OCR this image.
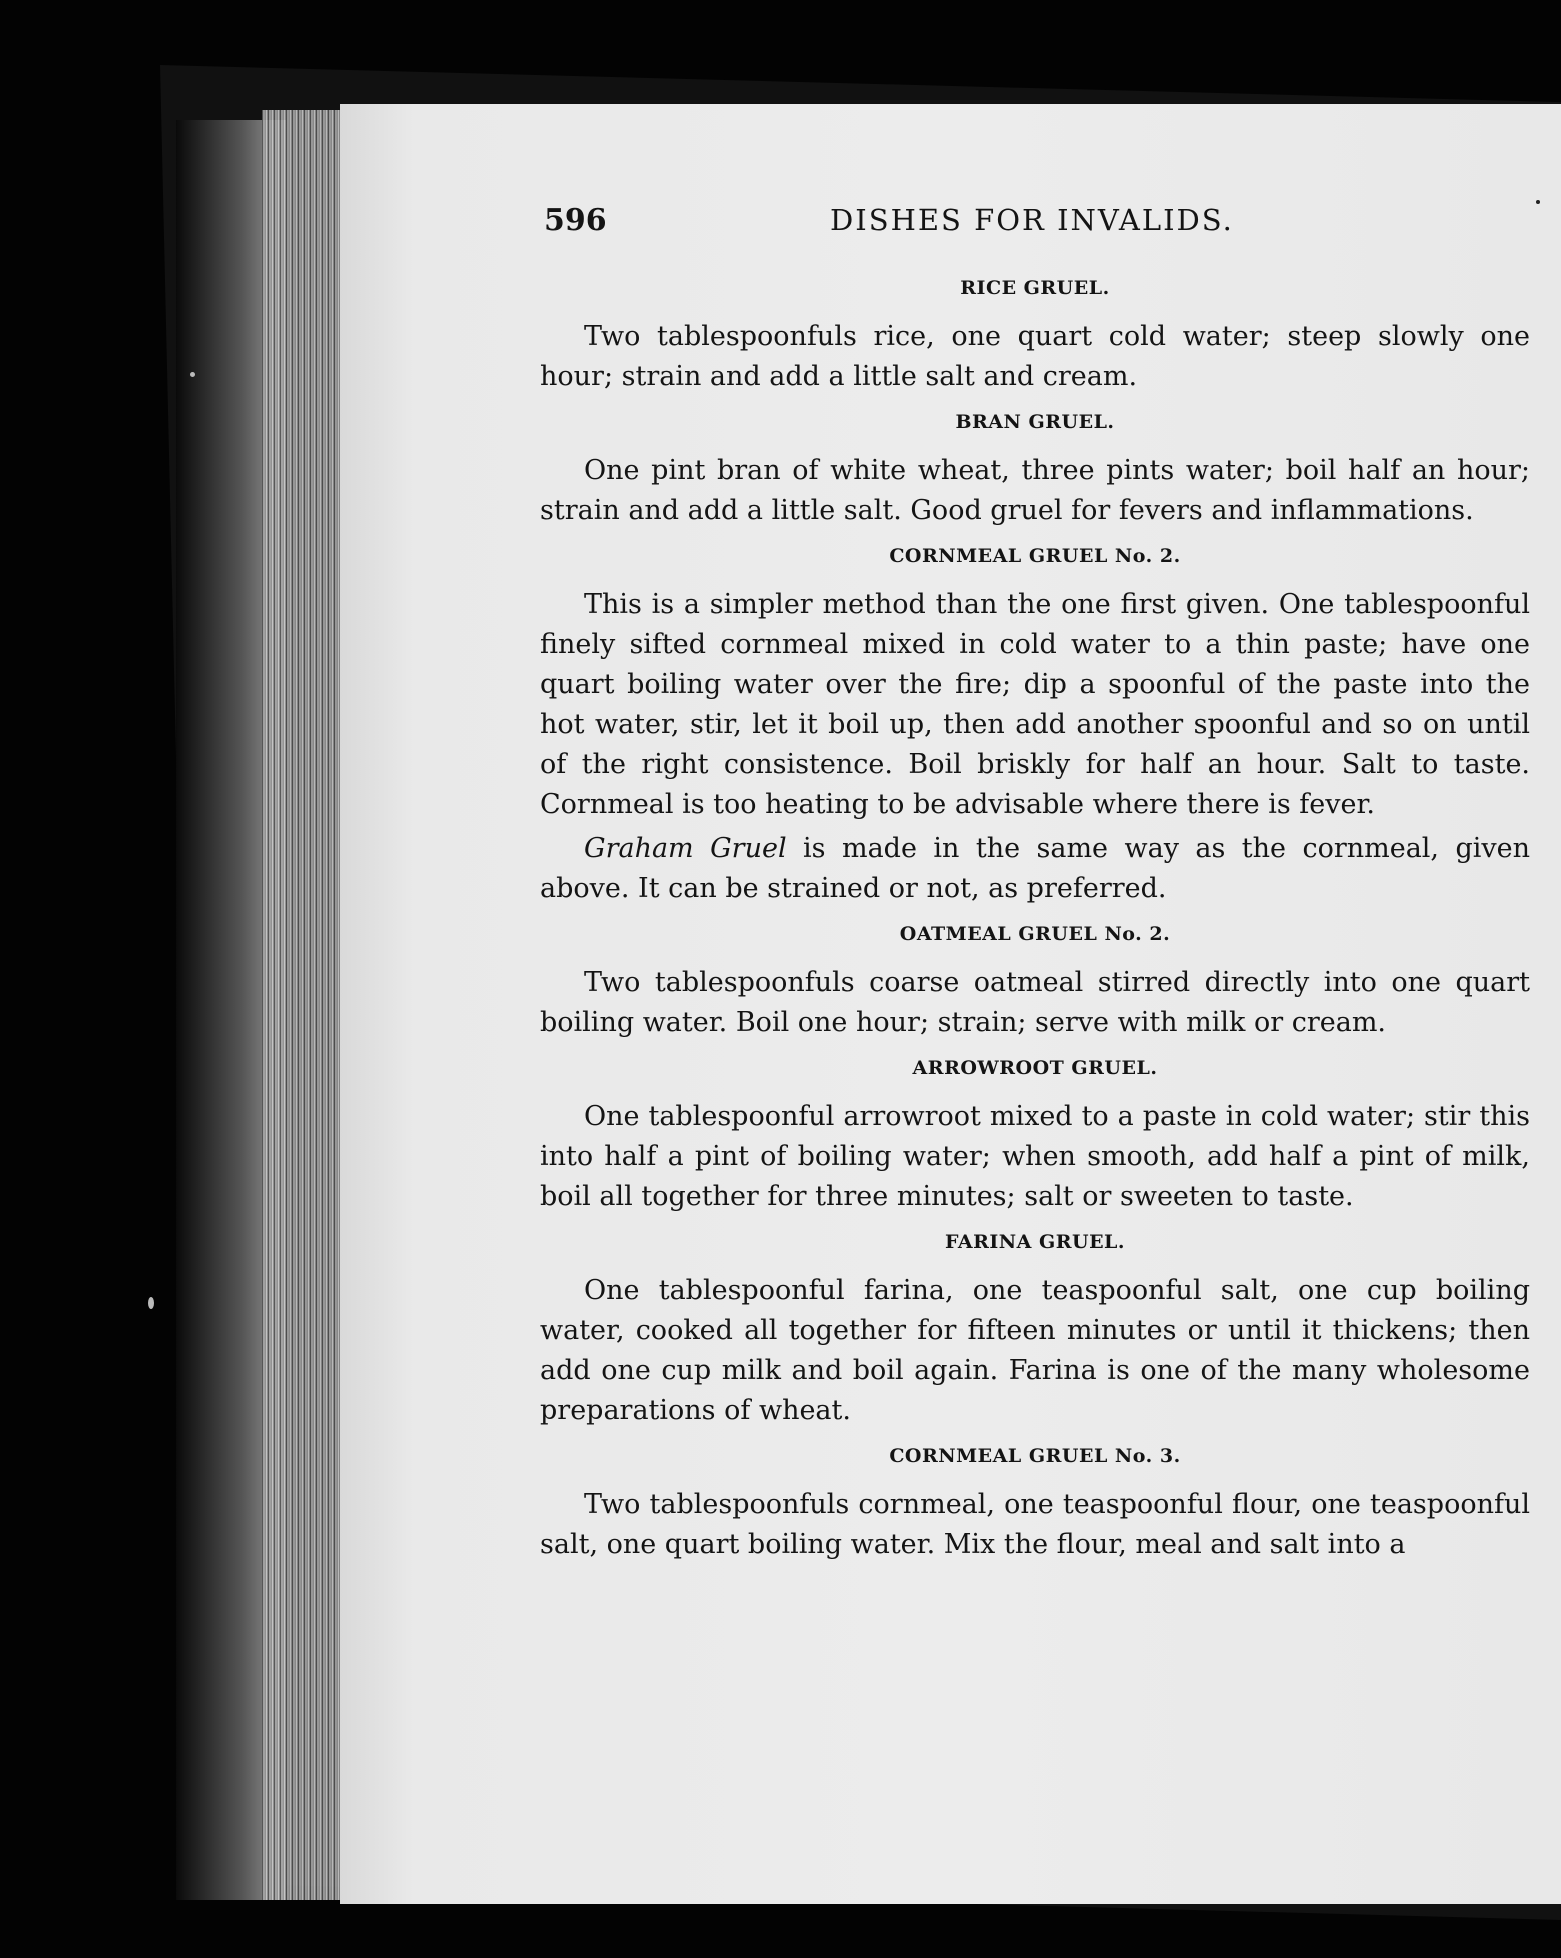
596	DISHES FOR INVALIDS.
RICE GRUEL.

Two tablespoonfuls rice, one quart cold water; steep slowly one hour; strain and add a little salt and cream.

BRAN GRUEL.

One pint bran of white wheat, three pints water; boil half an hour; strain and add a little salt. Good gruel for fevers and inflammations.

CORNMEAL GRUEL No. 2.

This is a simpler method than the one first given. One tablespoonful finely sifted cornmeal mixed in cold water to a thin paste; have one quart boiling water over the fire; dip a spoonful of the paste into the hot water, stir, let it boil up, then add another spoonful and so on until of the right consistence. Boil briskly for half an hour. Salt to taste. Cornmeal is too heating to be advisable where there is fever.

Graham Gruel is made in the same way as the cornmeal, given above. It can be strained or not, as preferred.

OATMEAL GRUEL No. 2.

Two tablespoonfuls coarse oatmeal stirred directly into one quart boiling water. Boil one hour; strain; serve with milk or cream.

ARROWROOT GRUEL.

One tablespoonful arrowroot mixed to a paste in cold water; stir this into half a pint of boiling water; when smooth, add half a pint of milk, boil all together for three minutes; salt or sweeten to taste.

FARINA GRUEL.

One tablespoonful farina, one teaspoonful salt, one cup boiling water, cooked all together for fifteen minutes or until it thickens; then add one cup milk and boil again. Farina is one of the many wholesome preparations of wheat.

CORNMEAL GRUEL No. 3.

Two tablespoonfuls cornmeal, one teaspoonful flour, one teaspoonful salt, one quart boiling water. Mix the flour, meal and salt into a
